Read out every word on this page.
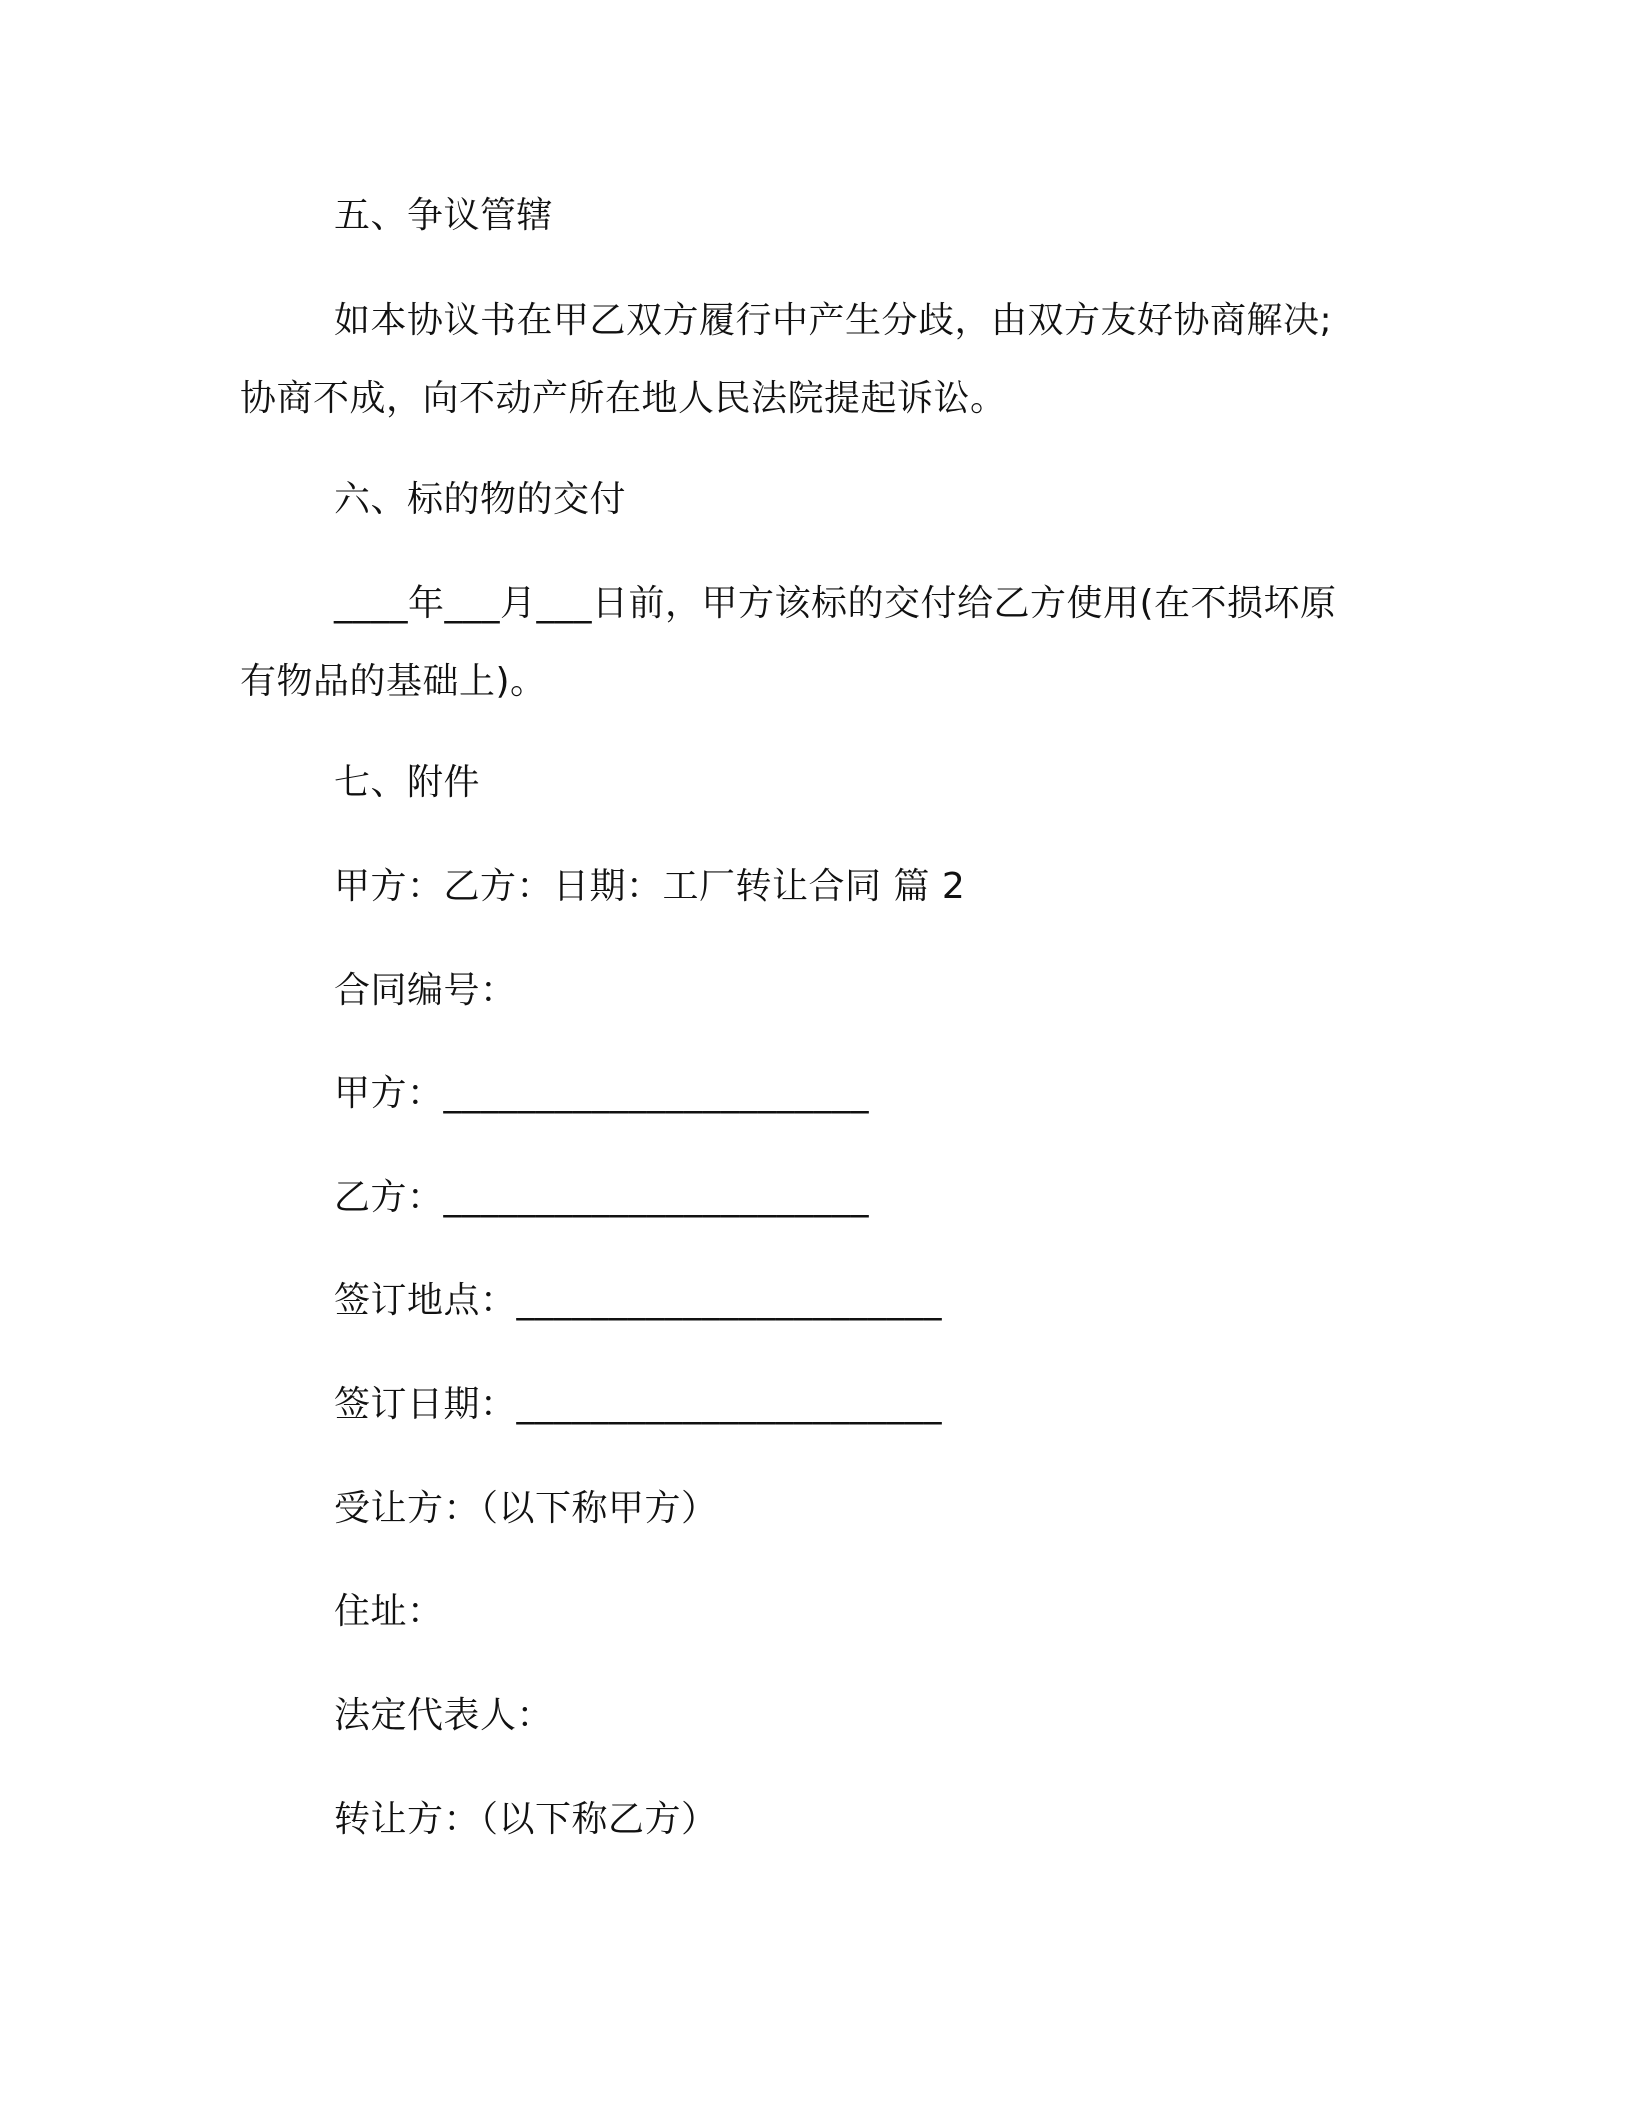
五、争议管辖
如本协议书在甲乙双方履行中产生分歧，由双方友好协商解决;
协商不成，向不动产所在地人民法院提起诉讼。
六、标的物的交付
____年___月___日前，甲方该标的交付给乙方使用(在不损坏原
有物品的基础上)。
七、附件
甲方：乙方：日期：工厂转让合同 篇 2
合同编号：
甲方：_______________________
乙方：_______________________
签订地点：_______________________
签订日期：_______________________
受让方：（以下称甲方）
住址：
法定代表人：
转让方：（以下称乙方）
